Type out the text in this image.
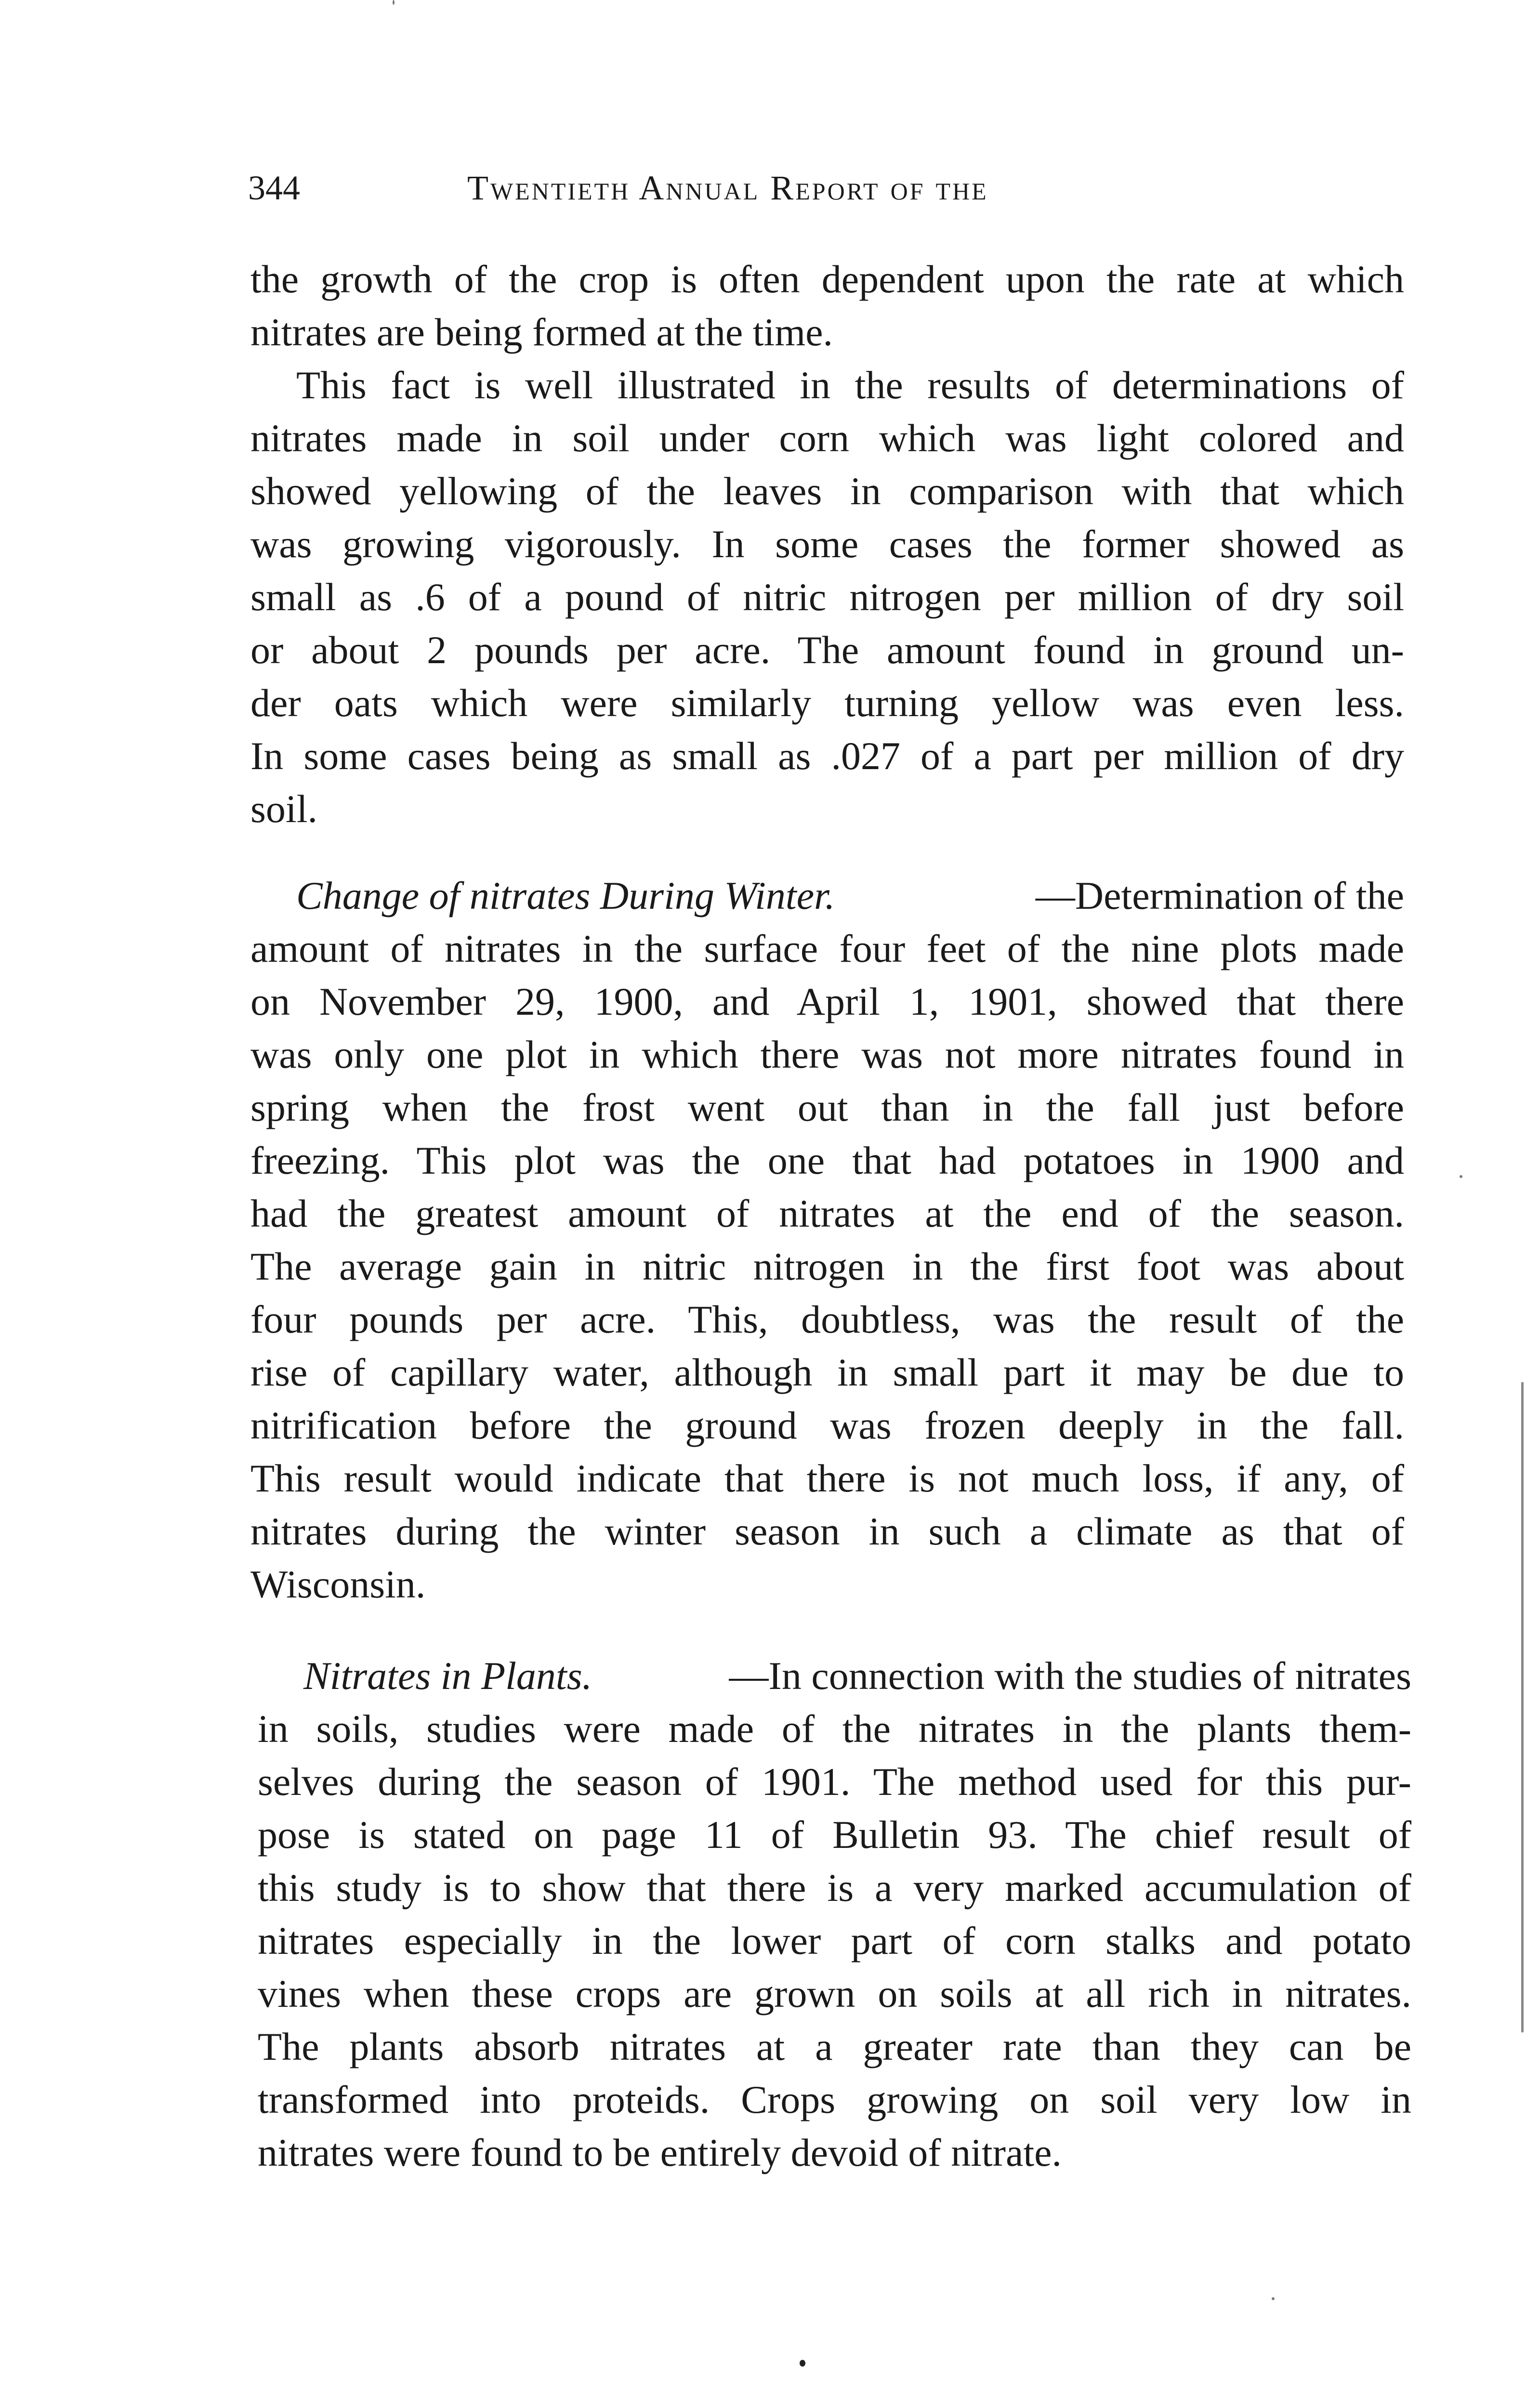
344	Twentieth Annual Report of the
the growth of the crop is often dependent upon the rate at which
nitrates are being formed at the time.
This fact is well illustrated in the results of determinations of
nitrates made in soil under corn which was light colored and
showed yellowing of the leaves in comparison with that which
was growing vigorously. In some cases the former showed as
small as .6 of a pound of nitric nitrogen per million of dry soil
or about 2 pounds per acre. The amount found in ground un-
der oats which were similarly turning yellow was even less.
In some cases being as small as .027 of a part per million of dry
soil.
Change of nitrates During Winter.	—Determination of the
amount of nitrates in the surface four feet of the nine plots made
on November 29, 1900, and April 1, 1901, showed that there
was only one plot in which there was not more nitrates found in
spring when the frost went out than in the fall just before
freezing. This plot was the one that had potatoes in 1900 and
had the greatest amount of nitrates at the end of the season.
The average gain in nitric nitrogen in the first foot was about
four pounds per acre. This, doubtless, was the result of the
rise of capillary water, although in small part it may be due to
nitrification before the ground was frozen deeply in the fall.
This result would indicate that there is not much loss, if any, of
nitrates during the winter season in such a climate as that of
Wisconsin.
Nitrates in Plants.	—In connection with the studies of nitrates
in soils, studies were made of the nitrates in the plants them-
selves during the season of 1901. The method used for this pur-
pose is stated on page 11 of Bulletin 93. The chief result of
this study is to show that there is a very marked accumulation of
nitrates especially in the lower part of corn stalks and potato
vines when these crops are grown on soils at all rich in nitrates.
The plants absorb nitrates at a greater rate than they can be
transformed into proteids. Crops growing on soil very low in
nitrates were found to be entirely devoid of nitrate.
